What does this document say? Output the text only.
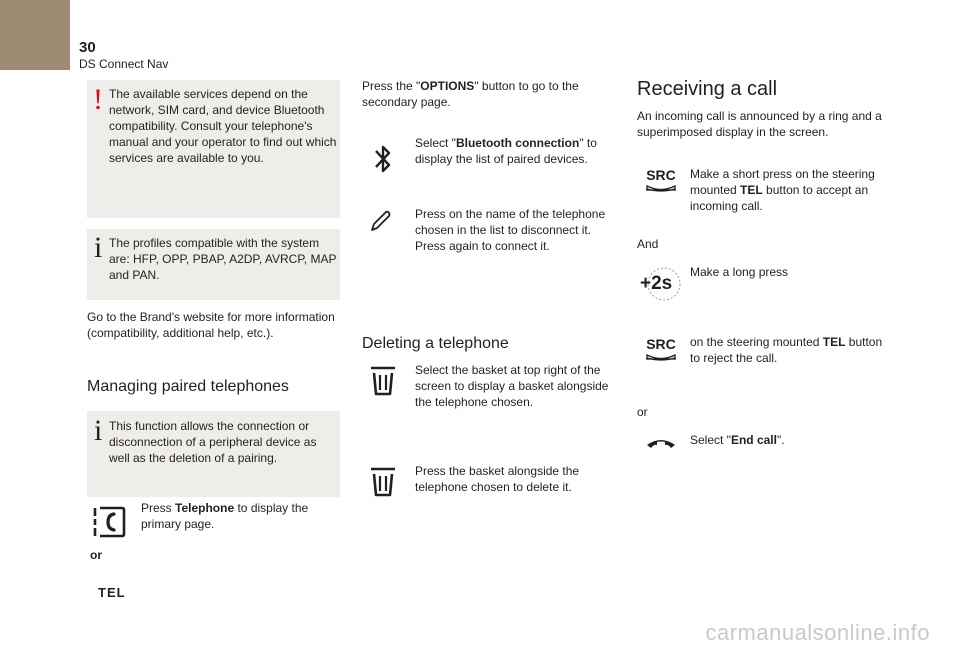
30
DS Connect Nav
! The available services depend on the network, SIM card, and device Bluetooth compatibility. Consult your telephone's manual and your operator to find out which services are available to you.
i The profiles compatible with the system are: HFP, OPP, PBAP, A2DP, AVRCP, MAP and PAN.
Go to the Brand's website for more information (compatibility, additional help, etc.).
Managing paired telephones
i This function allows the connection or disconnection of a peripheral device as well as the deletion of a pairing.
Press Telephone to display the primary page.
or
TEL
Press the "OPTIONS" button to go to the secondary page.
Select "Bluetooth connection" to display the list of paired devices.
Press on the name of the telephone chosen in the list to disconnect it. Press again to connect it.
Deleting a telephone
Select the basket at top right of the screen to display a basket alongside the telephone chosen.
Press the basket alongside the telephone chosen to delete it.
Receiving a call
An incoming call is announced by a ring and a superimposed display in the screen.
SRC Make a short press on the steering mounted TEL button to accept an incoming call.
And
+2s
Make a long press
SRC on the steering mounted TEL button to reject the call.
or
Select "End call".
carmanualsonline.info
